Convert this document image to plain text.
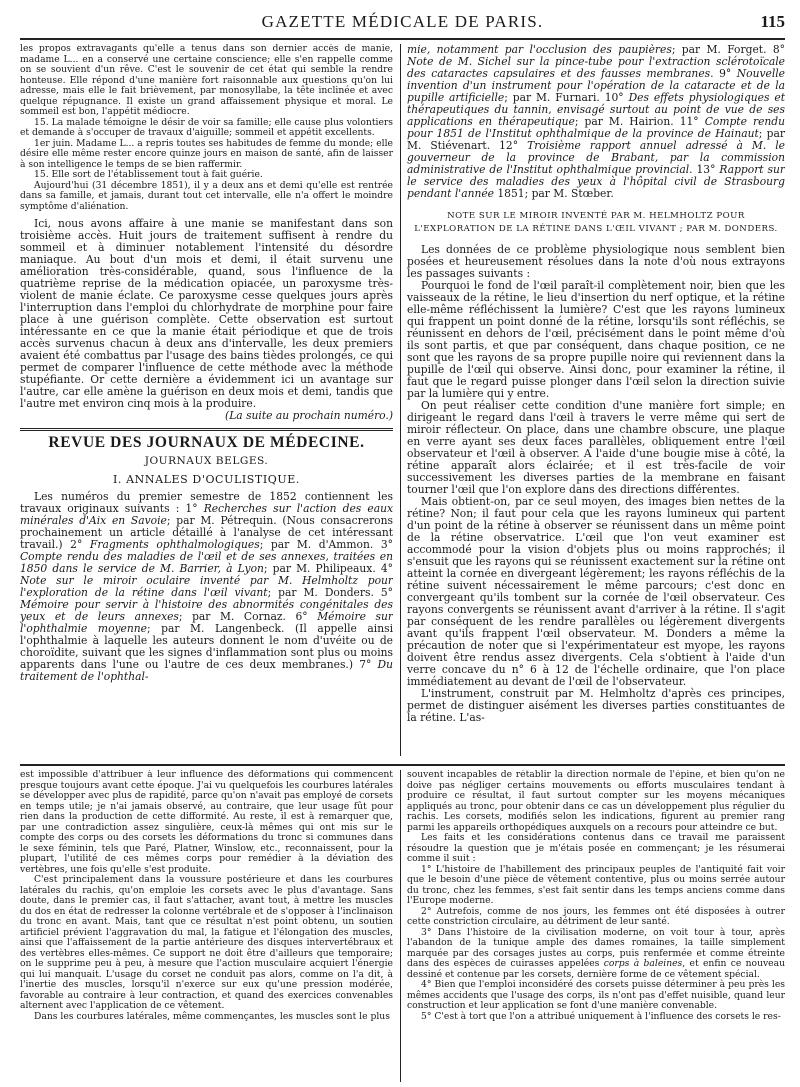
GAZETTE MÉDICALE DE PARIS.	115

les propos extravagants qu'elle a tenus dans son dernier accès de manie, madame L... en a conservé une certaine conscience; elle s'en rappelle comme on se souvient d'un rêve. C'est le souvenir de cet état qui semble la rendre honteuse. Elle répond d'une manière fort raisonnable aux questions qu'on lui adresse, mais elle le fait brièvement, par monosyllabe, la tête inclinée et avec quelque répugnance. Il existe un grand affaissement physique et moral. Le sommeil est bon, l'appétit médiocre.

15. La malade témoigne le désir de voir sa famille; elle cause plus volontiers et demande à s'occuper de travaux d'aiguille; sommeil et appétit excellents.

1er juin. Madame L... a repris toutes ses habitudes de femme du monde; elle désire elle même rester encore quinze jours en maison de santé, afin de laisser à son intelligence le temps de se bien raffermir.

15. Elle sort de l'établissement tout à fait guérie.

Aujourd'hui (31 décembre 1851), il y a deux ans et demi qu'elle est rentrée dans sa famille, et jamais, durant tout cet intervalle, elle n'a offert le moindre symptôme d'aliénation.

Ici, nous avons affaire à une manie se manifestant dans son troisième accès. Huit jours de traitement suffisent à rendre du sommeil et à diminuer notablement l'intensité du désordre maniaque. Au bout d'un mois et demi, il était survenu une amélioration très-considérable, quand, sous l'influence de la quatrième reprise de la médication opiacée, un paroxysme très-violent de manie éclate. Ce paroxysme cesse quelques jours après l'interruption dans l'emploi du chlorhydrate de morphine pour faire place à une guérison complète. Cette observation est surtout intéressante en ce que la manie était périodique et que de trois accès survenus chacun à deux ans d'intervalle, les deux premiers avaient été combattus par l'usage des bains tièdes prolongés, ce qui permet de comparer l'influence de cette méthode avec la méthode stupéfiante. Or cette dernière a évidemment ici un avantage sur l'autre, car elle amène la guérison en deux mois et demi, tandis que l'autre met environ cinq mois à la produire.

(La suite au prochain numéro.)

REVUE DES JOURNAUX DE MÉDECINE.
JOURNAUX BELGES.
I. ANNALES D'OCULISTIQUE.

Les numéros du premier semestre de 1852 contiennent les travaux originaux suivants : 1° Recherches sur l'action des eaux minérales d'Aix en Savoie; par M. Pétrequin. (Nous consacrerons prochainement un article détaillé à l'analyse de cet intéressant travail.) 2° Fragments ophthalmologiques; par M. d'Ammon. 3° Compte rendu des maladies de l'œil et de ses annexes, traitées en 1850 dans le service de M. Barrier, à Lyon; par M. Philipeaux. 4° Note sur le miroir oculaire inventé par M. Helmholtz pour l'exploration de la rétine dans l'œil vivant; par M. Donders. 5° Mémoire pour servir à l'histoire des abnormités congénitales des yeux et de leurs annexes; par M. Cornaz. 6° Mémoire sur l'ophthalmie moyenne; par M. Langenbeck. (Il appelle ainsi l'ophthalmie à laquelle les auteurs donnent le nom d'uvéite ou de choroïdite, suivant que les signes d'inflammation sont plus ou moins apparents dans l'une ou l'autre de ces deux membranes.) 7° Du traitement de l'ophthal-

mie, notamment par l'occlusion des paupières; par M. Forget. 8° Note de M. Sichel sur la pince-tube pour l'extraction sclérotoïcale des cataractes capsulaires et des fausses membranes. 9° Nouvelle invention d'un instrument pour l'opération de la cataracte et de la pupille artificielle; par M. Furnari. 10° Des effets physiologiques et thérapeutiques du tannin, envisagé surtout au point de vue de ses applications en thérapeutique; par M. Hairion. 11° Compte rendu pour 1851 de l'Institut ophthalmique de la province de Hainaut; par M. Stiévenart. 12° Troisième rapport annuel adressé à M. le gouverneur de la province de Brabant, par la commission administrative de l'Institut ophthalmique provincial. 13° Rapport sur le service des maladies des yeux à l'hôpital civil de Strasbourg pendant l'année 1851; par M. Stœber.

NOTE SUR LE MIROIR INVENTÉ PAR M. HELMHOLTZ POUR L'EXPLORATION DE LA RÉTINE DANS L'ŒIL VIVANT ; PAR M. DONDERS.

Les données de ce problème physiologique nous semblent bien posées et heureusement résolues dans la note d'où nous extrayons les passages suivants :

Pourquoi le fond de l'œil paraît-il complètement noir, bien que les vaisseaux de la rétine, le lieu d'insertion du nerf optique, et la rétine elle-même réfléchissent la lumière? C'est que les rayons lumineux qui frappent un point donné de la rétine, lorsqu'ils sont réfléchis, se réunissent en dehors de l'œil, précisément dans le point même d'où ils sont partis, et que par conséquent, dans chaque position, ce ne sont que les rayons de sa propre pupille noire qui reviennent dans la pupille de l'œil qui observe. Ainsi donc, pour examiner la rétine, il faut que le regard puisse plonger dans l'œil selon la direction suivie par la lumière qui y entre.

On peut réaliser cette condition d'une manière fort simple; en dirigeant le regard dans l'œil à travers le verre même qui sert de miroir réflecteur. On place, dans une chambre obscure, une plaque en verre ayant ses deux faces parallèles, obliquement entre l'œil observateur et l'œil à observer. A l'aide d'une bougie mise à côté, la rétine apparaît alors éclairée; et il est très-facile de voir successivement les diverses parties de la membrane en faisant tourner l'œil que l'on explore dans des directions différentes.

Mais obtient-on, par ce seul moyen, des images bien nettes de la rétine? Non; il faut pour cela que les rayons lumineux qui partent d'un point de la rétine à observer se réunissent dans un même point de la rétine observatrice. L'œil que l'on veut examiner est accommodé pour la vision d'objets plus ou moins rapprochés; il s'ensuit que les rayons qui se réunissent exactement sur la rétine ont atteint la cornée en divergeant légèrement; les rayons réfléchis de la rétine suivent nécessairement le même parcours; c'est donc en convergeant qu'ils tombent sur la cornée de l'œil observateur. Ces rayons convergents se réunissent avant d'arriver à la rétine. Il s'agit par conséquent de les rendre parallèles ou légèrement divergents avant qu'ils frappent l'œil observateur. M. Donders a même la précaution de noter que si l'expérimentateur est myope, les rayons doivent être rendus assez divergents. Cela s'obtient à l'aide d'un verre concave du n° 6 à 12 de l'échelle ordinaire, que l'on place immédiatement au devant de l'œil de l'observateur.

L'instrument, construit par M. Helmholtz d'après ces principes, permet de distinguer aisément les diverses parties constituantes de la rétine. L'as-

est impossible d'attribuer à leur influence des déformations qui commencent presque toujours avant cette époque. J'ai vu quelquefois les courbures latérales se développer avec plus de rapidité, parce qu'on n'avait pas employé de corsets en temps utile; je n'ai jamais observé, au contraire, que leur usage fût pour rien dans la production de cette difformité. Au reste, il est à remarquer que, par une contradiction assez singulière, ceux-là mêmes qui ont mis sur le compte des corps ou des corsets les déformations du tronc si communes dans le sexe féminin, tels que Paré, Platner, Winslow, etc., reconnaissent, pour la plupart, l'utilité de ces mêmes corps pour remédier à la déviation des vertèbres, une fois qu'elle s'est produite.

C'est principalement dans la voussure postérieure et dans les courbures latérales du rachis, qu'on emploie les corsets avec le plus d'avantage. Sans doute, dans le premier cas, il faut s'attacher, avant tout, à mettre les muscles du dos en état de redresser la colonne vertébrale et de s'opposer à l'inclinaison du tronc en avant. Mais, tant que ce résultat n'est point obtenu, un soutien artificiel prévient l'aggravation du mal, la fatigue et l'élongation des muscles, ainsi que l'affaissement de la partie antérieure des disques intervertébraux et des vertèbres elles-mêmes. Ce support ne doit être d'ailleurs que temporaire; on le supprime peu à peu, à mesure que l'action musculaire acquiert l'énergie qui lui manquait. L'usage du corset ne conduit pas alors, comme on l'a dit, à l'inertie des muscles, lorsqu'il n'exerce sur eux qu'une pression modérée, favorable au contraire à leur contraction, et quand des exercices convenables alternent avec l'application de ce vêtement.

Dans les courbures latérales, même commençantes, les muscles sont le plus

souvent incapables de rétablir la direction normale de l'épine, et bien qu'on ne doive pas négliger certains mouvements ou efforts musculaires tendant à produire ce résultat, il faut surtout compter sur les moyens mécaniques appliqués au tronc, pour obtenir dans ce cas un développement plus régulier du rachis. Les corsets, modifiés selon les indications, figurent au premier rang parmi les appareils orthopédiques auxquels on a recours pour atteindre ce but.

Les faits et les considérations contenus dans ce travail me paraissent résoudre la question que je m'étais posée en commençant; je les résumerai comme il suit :

1° L'histoire de l'habillement des principaux peuples de l'antiquité fait voir que le besoin d'une pièce de vêtement contentive, plus ou moins serrée autour du tronc, chez les femmes, s'est fait sentir dans les temps anciens comme dans l'Europe moderne.

2° Autrefois, comme de nos jours, les femmes ont été disposées à outrer cette constriction circulaire, au détriment de leur santé.

3° Dans l'histoire de la civilisation moderne, on voit tour à tour, après l'abandon de la tunique ample des dames romaines, la taille simplement marquée par des corsages justes au corps, puis renfermée et comme étreinte dans des espèces de cuirasses appelées corps à baleines, et enfin ce nouveau dessiné et contenue par les corsets, dernière forme de ce vêtement spécial.

4° Bien que l'emploi inconsidéré des corsets puisse déterminer à peu près les mêmes accidents que l'usage des corps, ils n'ont pas d'effet nuisible, quand leur construction et leur application se font d'une manière convenable.

5° C'est à tort que l'on a attribué uniquement à l'influence des corsets le res-
